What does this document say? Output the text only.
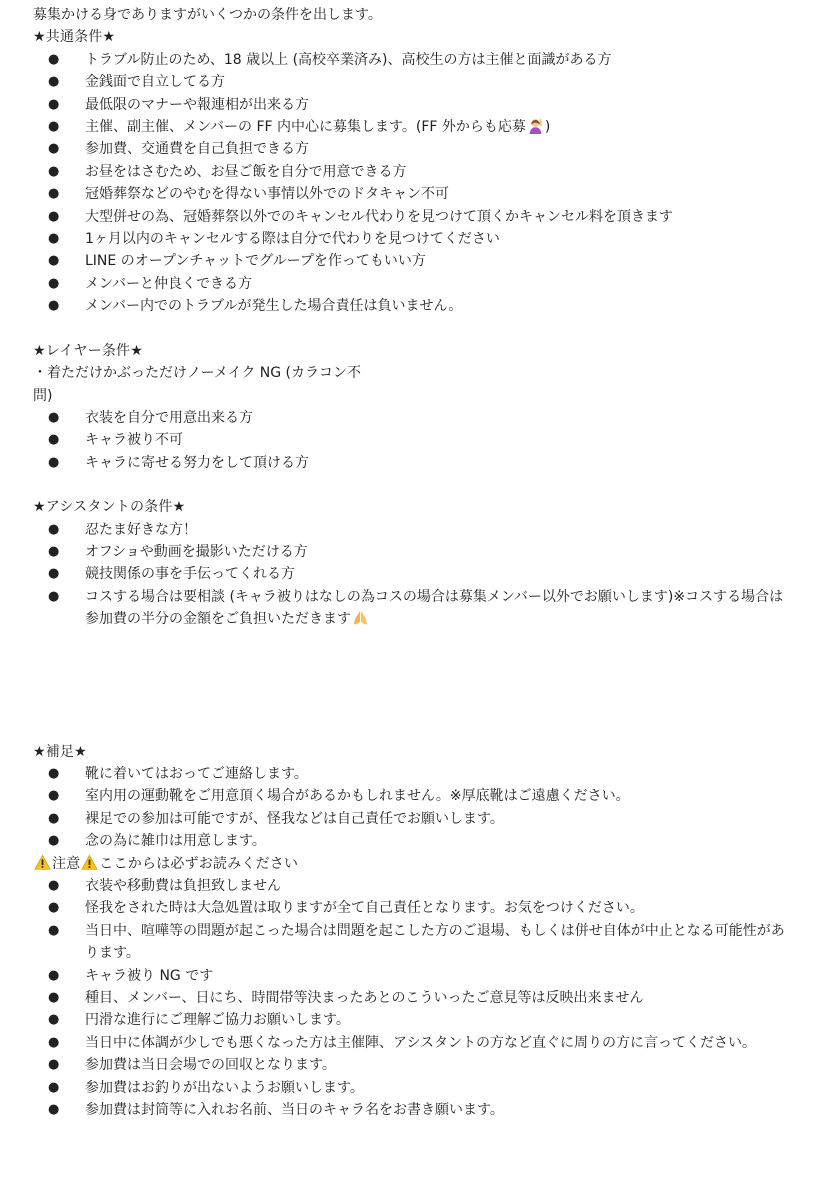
募集かける身でありますがいくつかの条件を出します。
★共通条件★
● トラブル防止のため、18 歳以上 (高校卒業済み)、高校生の方は主催と面識がある方
● 金銭面で自立してる方
● 最低限のマナーや報連相が出来る方
● 主催、副主催、メンバーの FF 内中心に募集します。(FF 外からも応募 )
● 参加費、交通費を自己負担できる方
● お昼をはさむため、お昼ご飯を自分で用意できる方
● 冠婚葬祭などのやむを得ない事情以外でのドタキャン不可
● 大型併せの為、冠婚葬祭以外でのキャンセル代わりを見つけて頂くかキャンセル料を頂きます
● 1ヶ月以内のキャンセルする際は自分で代わりを見つけてください
● LINE のオープンチャットでグループを作ってもいい方
● メンバーと仲良くできる方
● メンバー内でのトラブルが発生した場合責任は負いません。
★レイヤー条件★
・着ただけかぶっただけノーメイク NG (カラコン不問)
● 衣装を自分で用意出来る方
● キャラ被り不可
● キャラに寄せる努力をして頂ける方
★アシスタントの条件★
● 忍たま好きな方！
● オフショや動画を撮影いただける方
● 競技関係の事を手伝ってくれる方
● コスする場合は要相談 (キャラ被りはなしの為コスの場合は募集メンバー以外でお願いします)※コスする場合は参加費の半分の金額をご負担いただきます
★補足★
● 靴に着いてはおってご連絡します。
● 室内用の運動靴をご用意頂く場合があるかもしれません。※厚底靴はご遠慮ください。
● 裸足での参加は可能ですが、怪我などは自己責任でお願いします。
● 念の為に雑巾は用意します。
注意 ここからは必ずお読みください
● 衣装や移動費は負担致しません
● 怪我をされた時は大急処置は取りますが全て自己責任となります。お気をつけください。
● 当日中、喧嘩等の問題が起こった場合は問題を起こした方のご退場、もしくは併せ自体が中止となる可能性があります。
● キャラ被り NG です
● 種目、メンバー、日にち、時間帯等決まったあとのこういったご意見等は反映出来ません
● 円滑な進行にご理解ご協力お願いします。
● 当日中に体調が少しでも悪くなった方は主催陣、アシスタントの方など直ぐに周りの方に言ってください。
● 参加費は当日会場での回収となります。
● 参加費はお釣りが出ないようお願いします。
● 参加費は封筒等に入れお名前、当日のキャラ名をお書き願います。
